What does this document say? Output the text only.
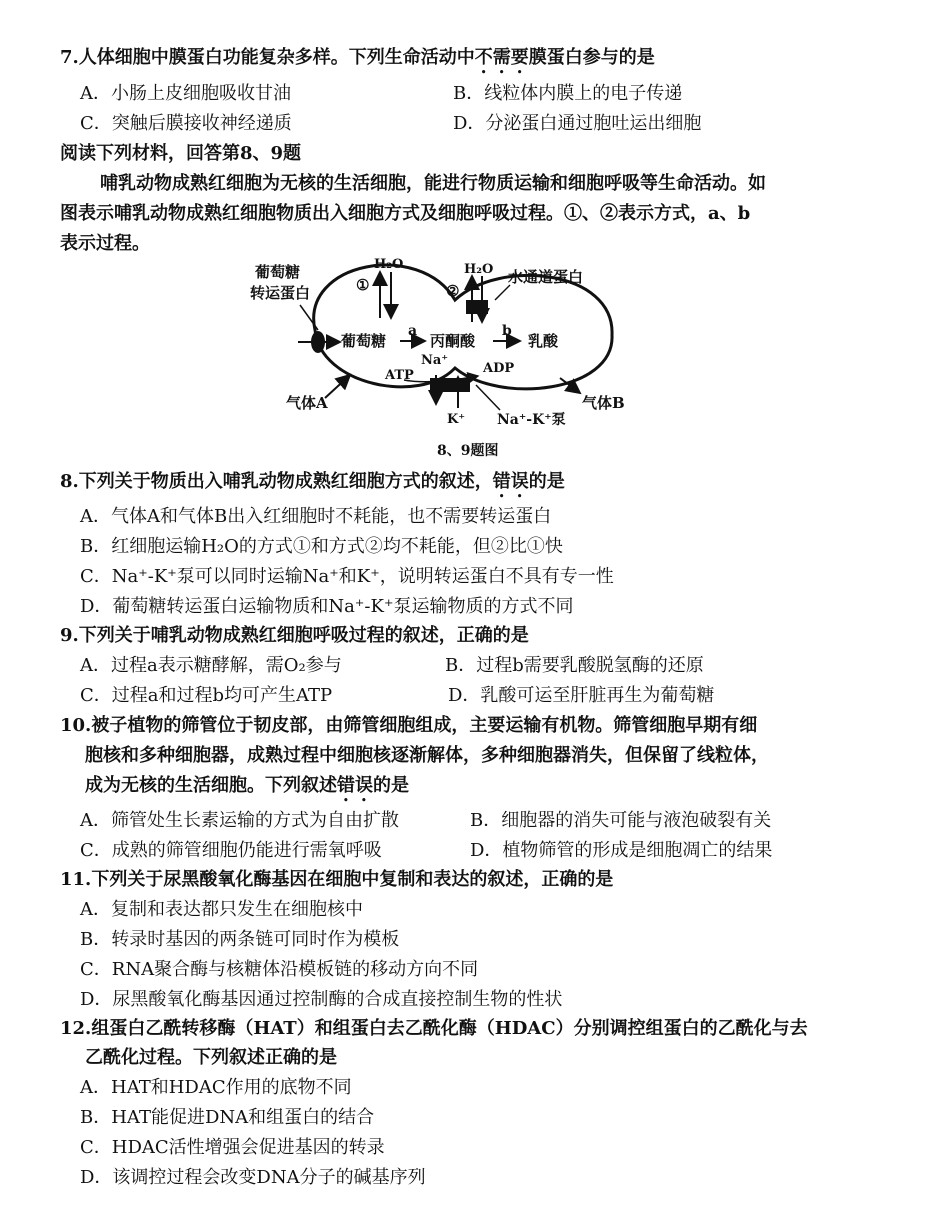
7.人体细胞中膜蛋白功能复杂多样。下列生命活动中不需要膜蛋白参与的是
A．小肠上皮细胞吸收甘油	B．线粒体内膜上的电子传递
C．突触后膜接收神经递质	D．分泌蛋白通过胞吐运出细胞
阅读下列材料，回答第8、9题
哺乳动物成熟红细胞为无核的生活细胞，能进行物质运输和细胞呼吸等生命活动。如
图表示哺乳动物成熟红细胞物质出入细胞方式及细胞呼吸过程。①、②表示方式，a、b
表示过程。
葡萄糖
转运蛋白
H₂O	H₂O
①	②
水通道蛋白
葡萄糖
a
丙酮酸
b
乳酸
Na⁺
ATP	ADP
气体A	气体B
K⁺ Na⁺-K⁺泵
8、9题图
8.下列关于物质出入哺乳动物成熟红细胞方式的叙述，错误的是
A．气体A和气体B出入红细胞时不耗能，也不需要转运蛋白
B．红细胞运输H₂O的方式①和方式②均不耗能，但②比①快
C．Na⁺-K⁺泵可以同时运输Na⁺和K⁺，说明转运蛋白不具有专一性
D．葡萄糖转运蛋白运输物质和Na⁺-K⁺泵运输物质的方式不同
9.下列关于哺乳动物成熟红细胞呼吸过程的叙述，正确的是
A．过程a表示糖酵解，需O₂参与	B．过程b需要乳酸脱氢酶的还原
C．过程a和过程b均可产生ATP	D．乳酸可运至肝脏再生为葡萄糖
10.被子植物的筛管位于韧皮部，由筛管细胞组成，主要运输有机物。筛管细胞早期有细
胞核和多种细胞器，成熟过程中细胞核逐渐解体，多种细胞器消失，但保留了线粒体，
成为无核的生活细胞。下列叙述错误的是
A．筛管处生长素运输的方式为自由扩散	B．细胞器的消失可能与液泡破裂有关
C．成熟的筛管细胞仍能进行需氧呼吸	D．植物筛管的形成是细胞凋亡的结果
11.下列关于尿黑酸氧化酶基因在细胞中复制和表达的叙述，正确的是
A．复制和表达都只发生在细胞核中
B．转录时基因的两条链可同时作为模板
C．RNA聚合酶与核糖体沿模板链的移动方向不同
D．尿黑酸氧化酶基因通过控制酶的合成直接控制生物的性状
12.组蛋白乙酰转移酶（HAT）和组蛋白去乙酰化酶（HDAC）分别调控组蛋白的乙酰化与去
乙酰化过程。下列叙述正确的是
A．HAT和HDAC作用的底物不同
B．HAT能促进DNA和组蛋白的结合
C．HDAC活性增强会促进基因的转录
D．该调控过程会改变DNA分子的碱基序列
